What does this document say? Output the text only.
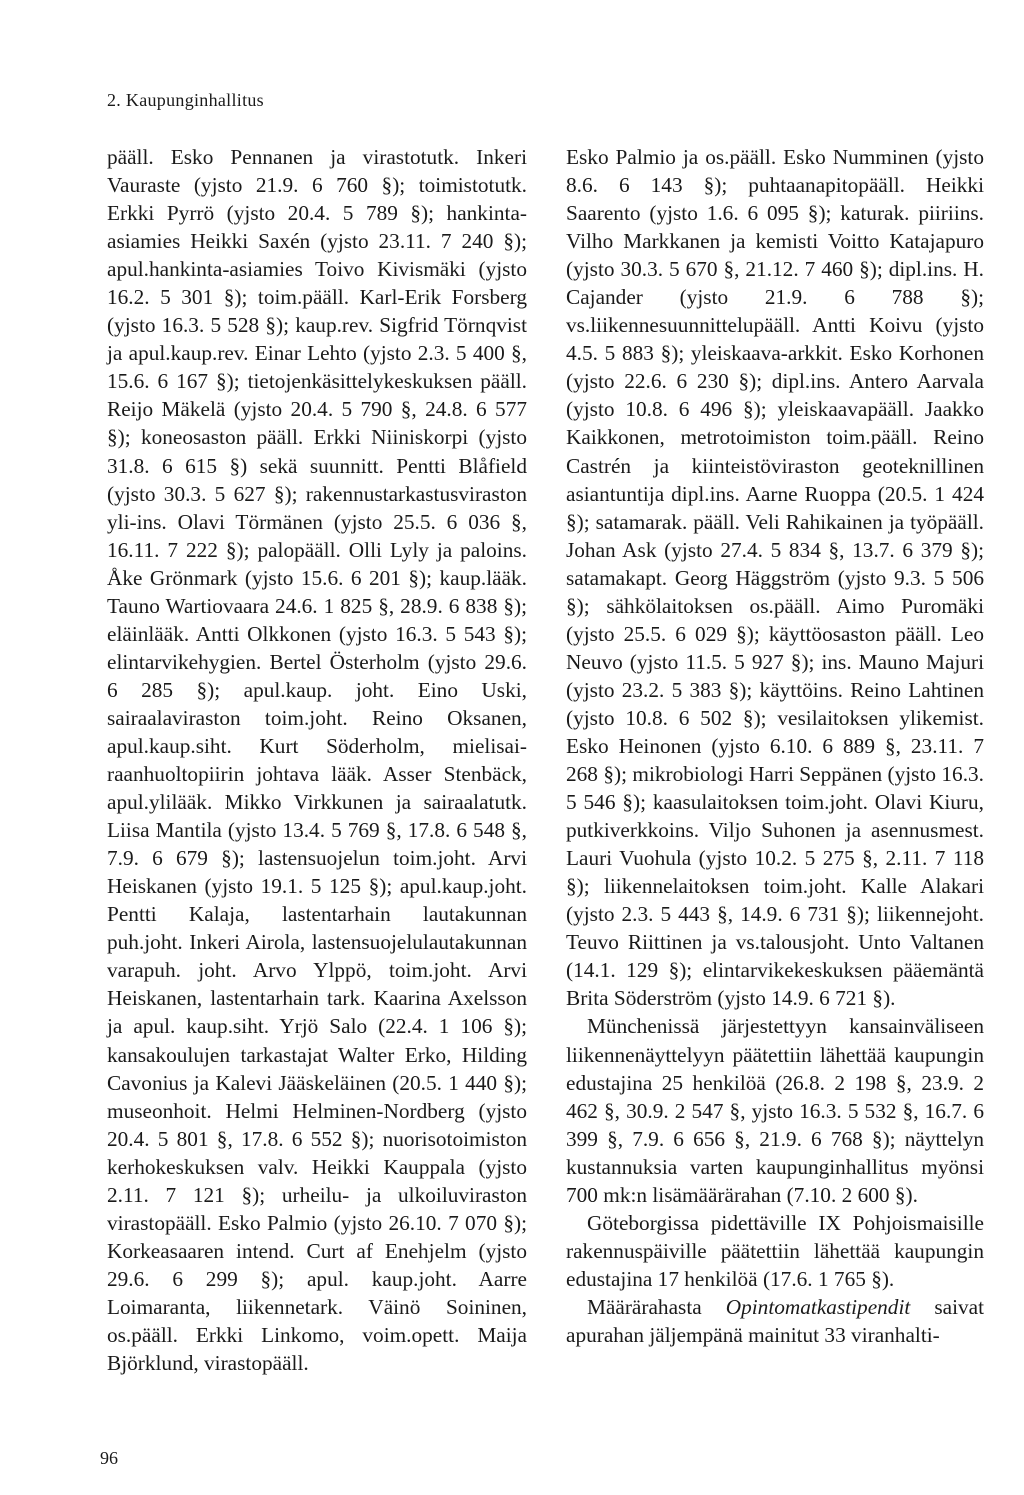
2. Kaupunginhallitus

pääll. Esko Pennanen ja virastotutk. Inkeri Vauraste (yjsto 21.9. 6 760 §); toimistotutk. Erkki Pyrrö (yjsto 20.4. 5 789 §); hankintaasiamies Heikki Saxén (yjsto 23.11. 7 240 §); apul.hankinta-asiamies Toivo Kivismäki (yjsto 16.2. 5 301 §); toim.pääll. Karl-Erik Forsberg (yjsto 16.3. 5 528 §); kaup.rev. Sigfrid Törnqvist ja apul.kaup.rev. Einar Lehto (yjsto 2.3. 5 400 §, 15.6. 6 167 §); tietojenkäsittelykeskuksen pääll. Reijo Mäkelä (yjsto 20.4. 5 790 §, 24.8. 6 577 §); koneosaston pääll. Erkki Niiniskorpi (yjsto 31.8. 6 615 §) sekä suunnitt. Pentti Blåfield (yjsto 30.3. 5 627 §); rakennustarkastusviraston yli-ins. Olavi Törmänen (yjsto 25.5. 6 036 §, 16.11. 7 222 §); palopääll. Olli Lyly ja paloins. Åke Grönmark (yjsto 15.6. 6 201 §); kaup.lääk. Tauno Wartiovaara 24.6. 1 825 §, 28.9. 6 838 §); eläinlääk. Antti Olkkonen (yjsto 16.3. 5 543 §); elintarvikehygien. Bertel Österholm (yjsto 29.6. 6 285 §); apul.kaup. joht. Eino Uski, sairaalaviraston toim.joht. Reino Oksanen, apul.kaup.siht. Kurt Söderholm, mielisairaanhuoltopiirin johtava lääk. Asser Stenbäck, apul.ylilääk. Mikko Virkkunen ja sairaalatutk. Liisa Mantila (yjsto 13.4. 5 769 §, 17.8. 6 548 §, 7.9. 6 679 §); lastensuojelun toim.joht. Arvi Heiskanen (yjsto 19.1. 5 125 §); apul.kaup.joht. Pentti Kalaja, lastentarhain lautakunnan puh.joht. Inkeri Airola, lastensuojelulautakunnan varapuh. joht. Arvo Ylppö, toim.joht. Arvi Heiskanen, lastentarhain tark. Kaarina Axelsson ja apul. kaup.siht. Yrjö Salo (22.4. 1 106 §); kansakoulujen tarkastajat Walter Erko, Hilding Cavonius ja Kalevi Jääskeläinen (20.5. 1 440 §); museonhoit. Helmi Helminen-Nordberg (yjsto 20.4. 5 801 §, 17.8. 6 552 §); nuorisotoimiston kerhokeskuksen valv. Heikki Kauppala (yjsto 2.11. 7 121 §); urheilu- ja ulkoiluviraston virastopääll. Esko Palmio (yjsto 26.10. 7 070 §); Korkeasaaren intend. Curt af Enehjelm (yjsto 29.6. 6 299 §); apul. kaup.joht. Aarre Loimaranta, liikennetark. Väinö Soininen, os.pääll. Erkki Linkomo, voim.opett. Maija Björklund, virastopääll.

Esko Palmio ja os.pääll. Esko Numminen (yjsto 8.6. 6 143 §); puhtaanapitopääll. Heikki Saarento (yjsto 1.6. 6 095 §); katurak. piiriins. Vilho Markkanen ja kemisti Voitto Katajapuro (yjsto 30.3. 5 670 §, 21.12. 7 460 §); dipl.ins. H. Cajander (yjsto 21.9. 6 788 §); vs.liikennesuunnittelupääll. Antti Koivu (yjsto 4.5. 5 883 §); yleiskaava-arkkit. Esko Korhonen (yjsto 22.6. 6 230 §); dipl.ins. Antero Aarvala (yjsto 10.8. 6 496 §); yleiskaavapääll. Jaakko Kaikkonen, metrotoimiston toim.pääll. Reino Castrén ja kiinteistöviraston geoteknillinen asiantuntija dipl.ins. Aarne Ruoppa (20.5. 1 424 §); satamarak. pääll. Veli Rahikainen ja työpääll. Johan Ask (yjsto 27.4. 5 834 §, 13.7. 6 379 §); satamakapt. Georg Häggström (yjsto 9.3. 5 506 §); sähkölaitoksen os.pääll. Aimo Puromäki (yjsto 25.5. 6 029 §); käyttöosaston pääll. Leo Neuvo (yjsto 11.5. 5 927 §); ins. Mauno Majuri (yjsto 23.2. 5 383 §); käyttöins. Reino Lahtinen (yjsto 10.8. 6 502 §); vesilaitoksen ylikemist. Esko Heinonen (yjsto 6.10. 6 889 §, 23.11. 7 268 §); mikrobiologi Harri Seppänen (yjsto 16.3. 5 546 §); kaasulaitoksen toim.joht. Olavi Kiuru, putkiverkkoins. Viljo Suhonen ja asennusmest. Lauri Vuohula (yjsto 10.2. 5 275 §, 2.11. 7 118 §); liikennelaitoksen toim.joht. Kalle Alakari (yjsto 2.3. 5 443 §, 14.9. 6 731 §); liikennejoht. Teuvo Riittinen ja vs.talousjoht. Unto Valtanen (14.1. 129 §); elintarvikekeskuksen pääemäntä Brita Söderström (yjsto 14.9. 6 721 §).

Münchenissä järjestettyyn kansainväliseen liikennenäyttelyyn päätettiin lähettää kaupungin edustajina 25 henkilöä (26.8. 2 198 §, 23.9. 2 462 §, 30.9. 2 547 §, yjsto 16.3. 5 532 §, 16.7. 6 399 §, 7.9. 6 656 §, 21.9. 6 768 §); näyttelyn kustannuksia varten kaupunginhallitus myönsi 700 mk:n lisämäärärahan (7.10. 2 600 §).

Göteborgissa pidettäville IX Pohjoismaisille rakennuspäiville päätettiin lähettää kaupungin edustajina 17 henkilöä (17.6. 1 765 §).

Määrärahasta Opintomatkastipendit saivat apurahan jäljempänä mainitut 33 viranhalti-

96
